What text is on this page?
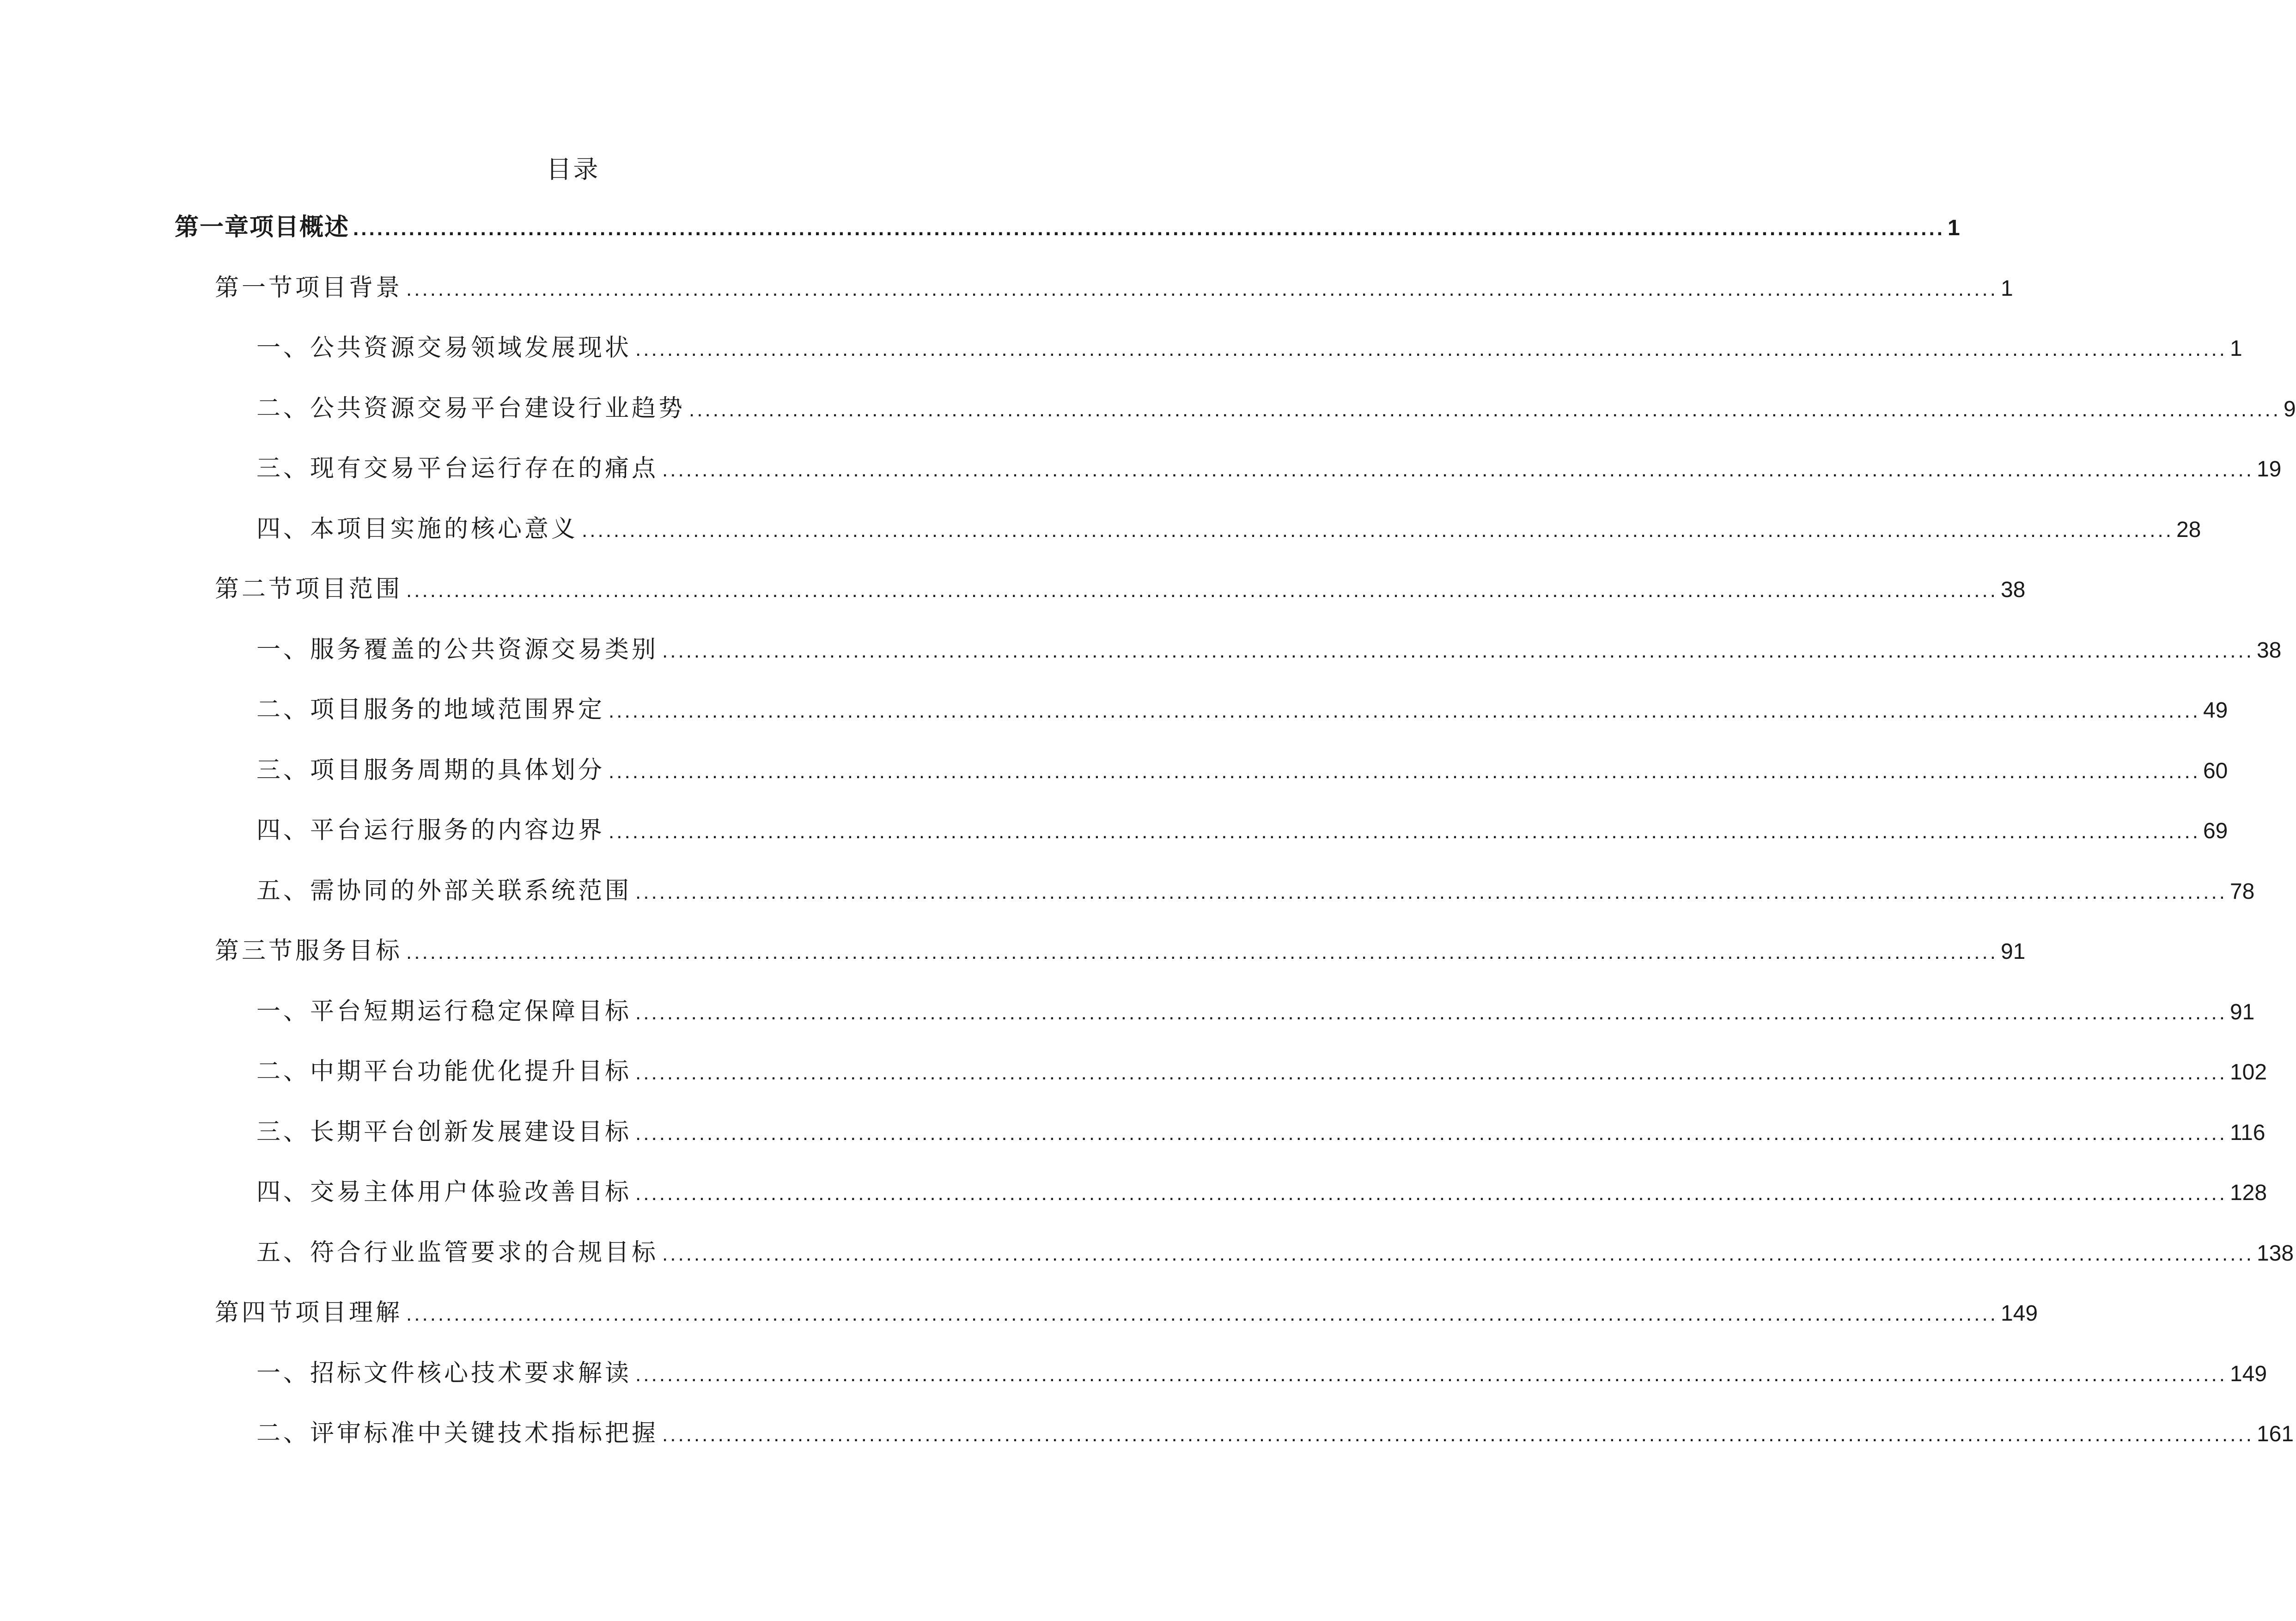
目录
第一章项目概述 ........................................................................................................................................................................................................ 1
第一节项目背景 ........................................................................................................................................................................................................ 1
一、公共资源交易领域发展现状 ........................................................................................................................................................................................................ 1
二、公共资源交易平台建设行业趋势 ........................................................................................................................................................................................................ 9
三、现有交易平台运行存在的痛点 ........................................................................................................................................................................................................ 19
四、本项目实施的核心意义 ........................................................................................................................................................................................................ 28
第二节项目范围 ........................................................................................................................................................................................................ 38
一、服务覆盖的公共资源交易类别 ........................................................................................................................................................................................................ 38
二、项目服务的地域范围界定 ........................................................................................................................................................................................................ 49
三、项目服务周期的具体划分 ........................................................................................................................................................................................................ 60
四、平台运行服务的内容边界 ........................................................................................................................................................................................................ 69
五、需协同的外部关联系统范围 ........................................................................................................................................................................................................ 78
第三节服务目标 ........................................................................................................................................................................................................ 91
一、平台短期运行稳定保障目标 ........................................................................................................................................................................................................ 91
二、中期平台功能优化提升目标 ........................................................................................................................................................................................................ 102
三、长期平台创新发展建设目标 ........................................................................................................................................................................................................ 116
四、交易主体用户体验改善目标 ........................................................................................................................................................................................................ 128
五、符合行业监管要求的合规目标 ........................................................................................................................................................................................................ 138
第四节项目理解 ........................................................................................................................................................................................................ 149
一、招标文件核心技术要求解读 ........................................................................................................................................................................................................ 149
二、评审标准中关键技术指标把握 ........................................................................................................................................................................................................ 161
